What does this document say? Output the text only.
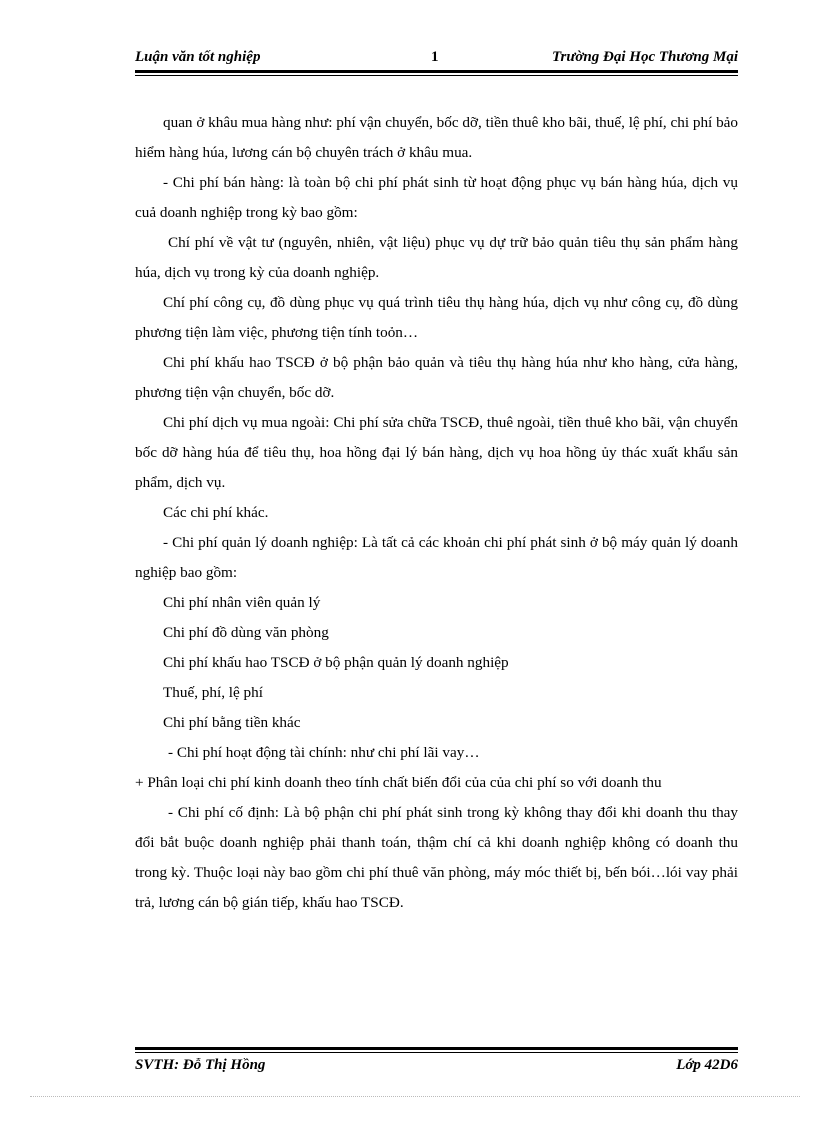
Luận văn tốt nghiệp	1	Trường Đại Học Thương Mại

quan ở khâu mua hàng như: phí vận chuyển, bốc dỡ, tiền thuê kho bãi, thuế, lệ phí, chi phí bảo hiểm hàng húa, lương cán bộ chuyên trách ở khâu mua.

- Chi phí bán hàng: là toàn bộ chi phí phát sinh từ hoạt động phục vụ bán hàng húa, dịch vụ cuả doanh nghiệp trong kỳ bao gồm:

Chí phí về vật tư (nguyên, nhiên, vật liệu) phục vụ dự trữ bảo quản tiêu thụ sản phẩm hàng húa, dịch vụ trong kỳ của doanh nghiệp.

Chí phí công cụ, đồ dùng phục vụ quá trình tiêu thụ hàng húa, dịch vụ như công cụ, đồ dùng phương tiện làm việc, phương tiện tính toỏn…

Chi phí khấu hao TSCĐ ở bộ phận bảo quản và tiêu thụ hàng húa như kho hàng, cửa hàng, phương tiện vận chuyển, bốc dỡ.

Chi phí dịch vụ mua ngoài: Chi phí sửa chữa TSCĐ, thuê ngoài, tiền thuê kho bãi, vận chuyển bốc dỡ hàng húa để tiêu thụ, hoa hồng đại lý bán hàng, dịch vụ hoa hồng ủy thác xuất khẩu sản phẩm, dịch vụ.

Các chi phí khác.

- Chi phí quản lý doanh nghiệp: Là tất cả các khoản chi phí phát sinh ở bộ máy quản lý doanh nghiệp bao gồm:

Chi phí nhân viên quản lý

Chi phí đồ dùng văn phòng

Chi phí khấu hao TSCĐ ở bộ phận quản lý doanh nghiệp

Thuế, phí, lệ phí

Chi phí bằng tiền khác

- Chi phí hoạt động tài chính: như chi phí lãi vay…

+ Phân loại chi phí kinh doanh theo tính chất biến đổi của của chi phí so với doanh thu

- Chi phí cố định: Là bộ phận chi phí phát sinh trong kỳ không thay đổi khi doanh thu thay đổi bắt buộc doanh nghiệp phải thanh toán, thậm chí cả khi doanh nghiệp không có doanh thu trong kỳ. Thuộc loại này bao gồm chi phí thuê văn phòng, máy móc thiết bị, bến bói…lói vay phải trả, lương cán bộ gián tiếp, khấu hao TSCĐ.

SVTH: Đỗ Thị Hồng	Lớp 42D6
